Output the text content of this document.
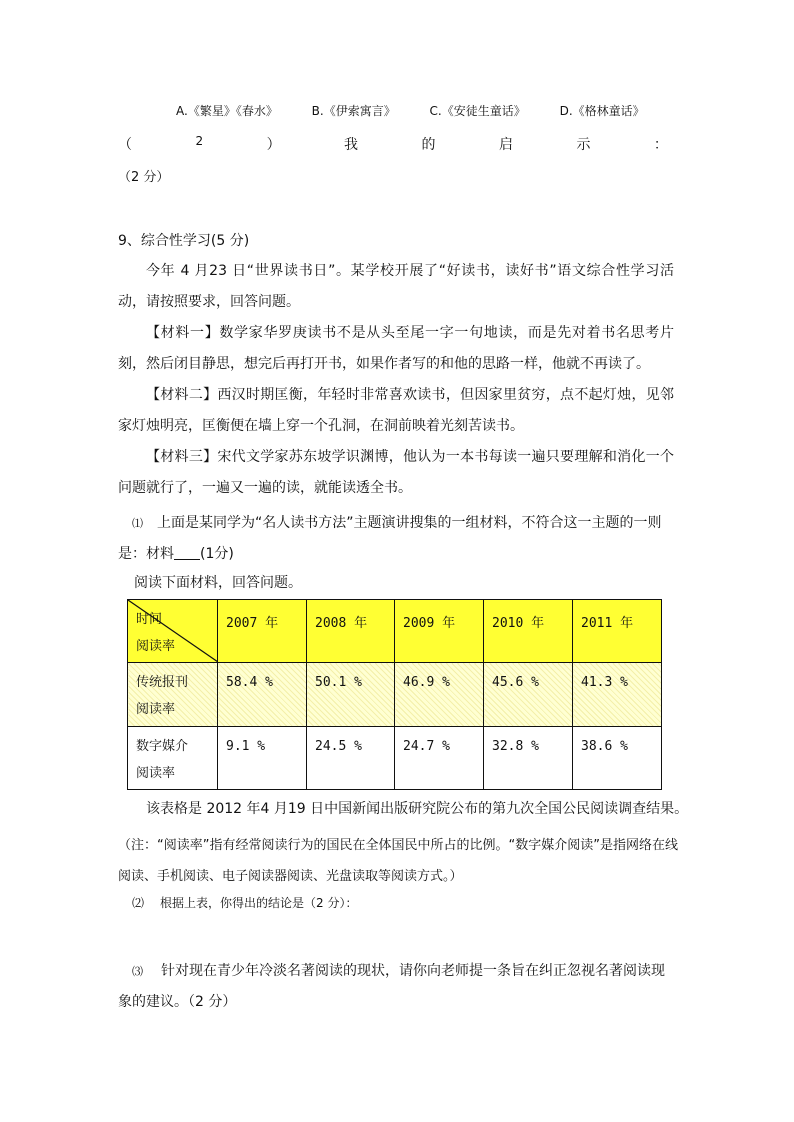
A.《繁星》《春水》	B.《伊索寓言》	C.《安徒生童话》	D.《格林童话》
（	2	）	我	的	启	示	：
（2 分）
9、综合性学习(5 分)
今年 4 月23 日“世界读书日”。某学校开展了“好读书，读好书”语文综合性学习活动，请按照要求，回答问题。
【材料一】数学家华罗庚读书不是从头至尾一字一句地读，而是先对着书名思考片刻，然后闭目静思，想完后再打开书，如果作者写的和他的思路一样，他就不再读了。
【材料二】西汉时期匡衡，年轻时非常喜欢读书，但因家里贫穷，点不起灯烛，见邻家灯烛明亮，匡衡便在墙上穿一个孔洞，在洞前映着光刻苦读书。
【材料三】宋代文学家苏东坡学识渊博，他认为一本书每读一遍只要理解和消化一个问题就行了，一遍又一遍的读，就能读透全书。
⑴ 上面是某同学为“名人读书方法”主题演讲搜集的一组材料，不符合这一主题的一则是：材料 (1分)
阅读下面材料，回答问题。
时间
阅读率	2007 年	2008 年	2009 年	2010 年	2011 年

传统报刊
阅读率	58.4 %	50.1 %	46.9 %	45.6 %	41.3 %

数字媒介
阅读率	9.1 %	24.5 %	24.7 %	32.8 %	38.6 %
该表格是 2012 年4 月19 日中国新闻出版研究院公布的第九次全国公民阅读调查结果。
（注：“阅读率”指有经常阅读行为的国民在全体国民中所占的比例。“数字媒介阅读”是指网络在线阅读、手机阅读、电子阅读器阅读、光盘读取等阅读方式。）
⑵ 根据上表，你得出的结论是（2 分）：
⑶ 针对现在青少年冷淡名著阅读的现状，请你向老师提一条旨在纠正忽视名著阅读现象的建议。（2 分）
